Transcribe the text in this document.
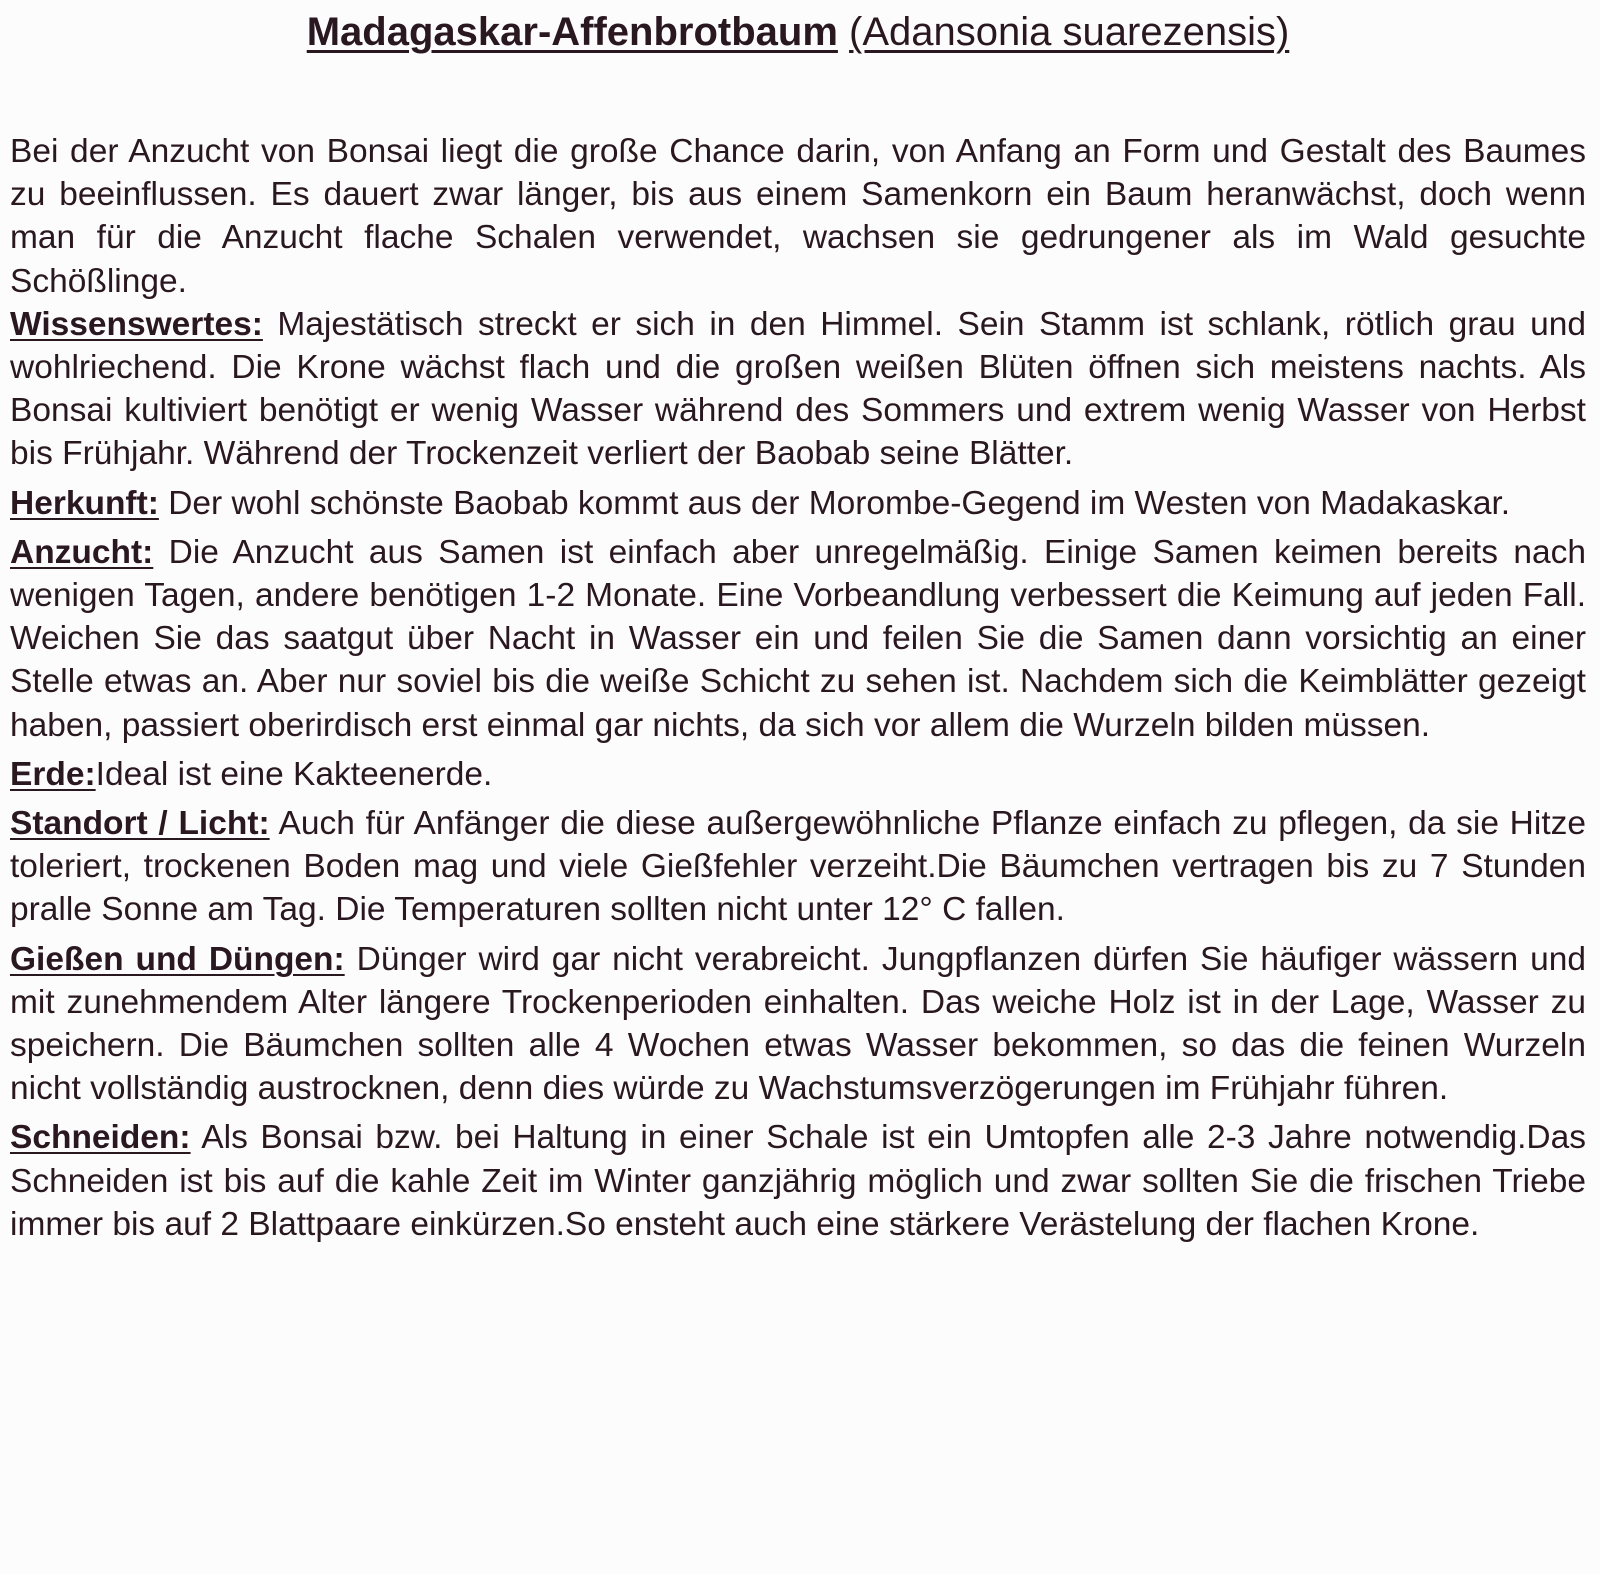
Madagaskar-Affenbrotbaum (Adansonia suarezensis)

Bei der Anzucht von Bonsai liegt die große Chance darin, von Anfang an Form und Gestalt des Baumes zu beeinflussen. Es dauert zwar länger, bis aus einem Samenkorn ein Baum heranwächst, doch wenn man für die Anzucht flache Schalen verwendet, wachsen sie gedrungener als im Wald gesuchte Schößlinge.

Wissenswertes: Majestätisch streckt er sich in den Himmel. Sein Stamm ist schlank, rötlich grau und wohlriechend. Die Krone wächst flach und die großen weißen Blüten öffnen sich meistens nachts. Als Bonsai kultiviert benötigt er wenig Wasser während des Sommers und extrem wenig Wasser von Herbst bis Frühjahr. Während der Trockenzeit verliert der Baobab seine Blätter.

Herkunft: Der wohl schönste Baobab kommt aus der Morombe-Gegend im Westen von Madakaskar.

Anzucht: Die Anzucht aus Samen ist einfach aber unregelmäßig. Einige Samen keimen bereits nach wenigen Tagen, andere benötigen 1-2 Monate. Eine Vorbeandlung verbessert die Keimung auf jeden Fall. Weichen Sie das saatgut über Nacht in Wasser ein und feilen Sie die Samen dann vorsichtig an einer Stelle etwas an. Aber nur soviel bis die weiße Schicht zu sehen ist. Nachdem sich die Keimblätter gezeigt haben, passiert oberirdisch erst einmal gar nichts, da sich vor allem die Wurzeln bilden müssen.

Erde:Ideal ist eine Kakteenerde.

Standort / Licht: Auch für Anfänger die diese außergewöhnliche Pflanze einfach zu pflegen, da sie Hitze toleriert, trockenen Boden mag und viele Gießfehler verzeiht.Die Bäumchen vertragen bis zu 7 Stunden pralle Sonne am Tag. Die Temperaturen sollten nicht unter 12° C fallen.

Gießen und Düngen: Dünger wird gar nicht verabreicht. Jungpflanzen dürfen Sie häufiger wässern und mit zunehmendem Alter längere Trockenperioden einhalten. Das weiche Holz ist in der Lage, Wasser zu speichern. Die Bäumchen sollten alle 4 Wochen etwas Wasser bekommen, so das die feinen Wurzeln nicht vollständig austrocknen, denn dies würde zu Wachstumsverzögerungen im Frühjahr führen.

Schneiden: Als Bonsai bzw. bei Haltung in einer Schale ist ein Umtopfen alle 2-3 Jahre notwendig.Das Schneiden ist bis auf die kahle Zeit im Winter ganzjährig möglich und zwar sollten Sie die frischen Triebe immer bis auf 2 Blattpaare einkürzen.So ensteht auch eine stärkere Verästelung der flachen Krone.
